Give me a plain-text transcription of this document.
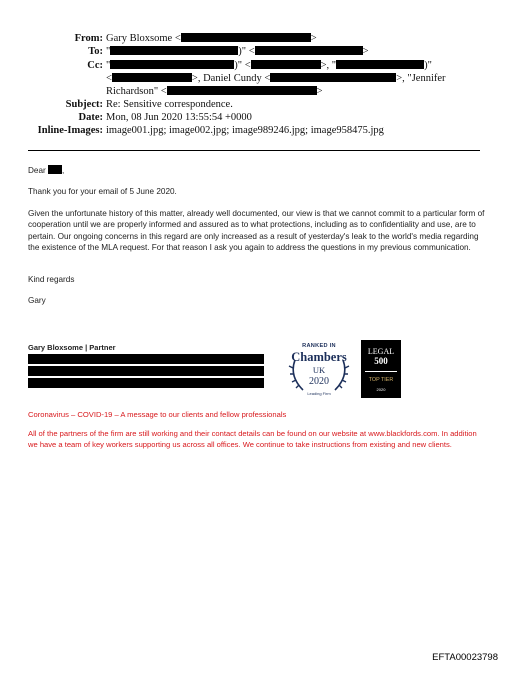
From: Gary Bloxsome <	>
To: "	)" <	>
Cc: "	)" <	>, "	)"
<	>, Daniel Cundy <	>, "Jennifer
Richardson" <	>
Subject: Re: Sensitive correspondence.
Date: Mon, 08 Jun 2020 13:55:54 +0000
Inline-Images: image001.jpg; image002.jpg; image989246.jpg; image958475.jpg
Dear ,
Thank you for your email of 5 June 2020.
Given the unfortunate history of this matter, already well documented, our view is that we cannot commit to a particular form of cooperation until we are properly informed and assured as to what protections, including as to confidentiality and use, are to pertain. Our ongoing concerns in this regard are only increased as a result of yesterday's leak to the world's media regarding the existence of the MLA request. For that reason I ask you again to address the questions in my previous communication.
Kind regards
Gary
Gary Bloxsome | Partner	RANKED IN
Chambers
UK
2020
Leading Firm
LEGAL
500
TOP TIER
2020
Coronavirus – COVID-19 – A message to our clients and fellow professionals
All of the partners of the firm are still working and their contact details can be found on our website at www.blackfords.com. In addition we have a team of key workers supporting us across all offices. We continue to take instructions from existing and new clients.
EFTA00023798
